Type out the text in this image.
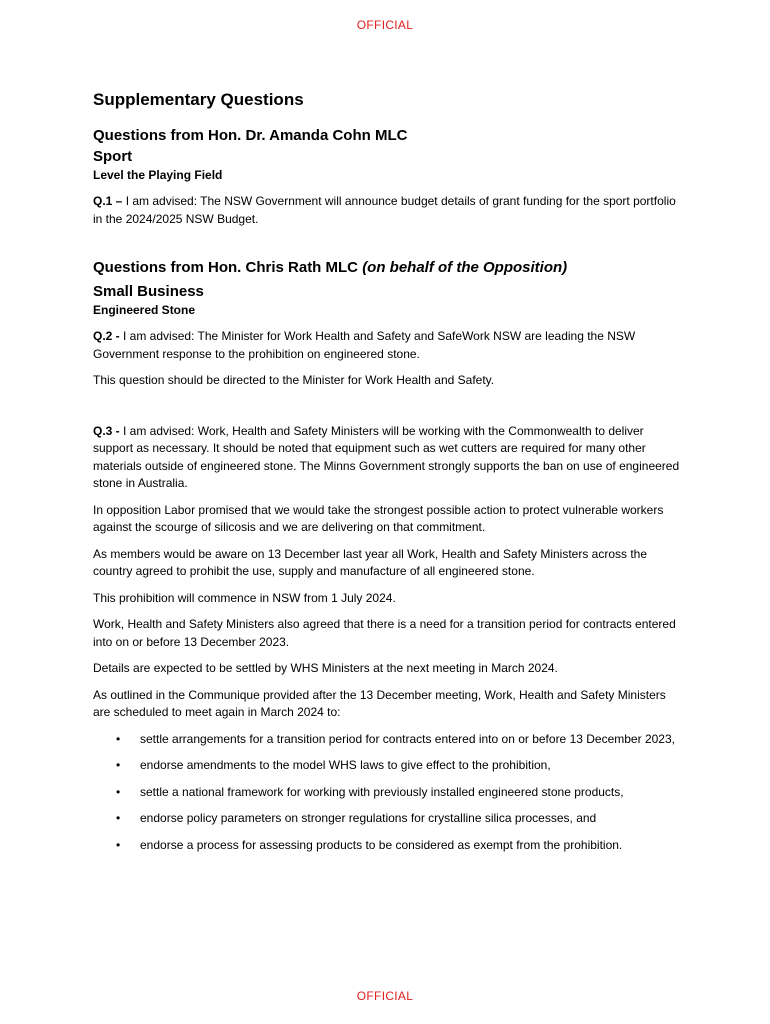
OFFICIAL
Supplementary Questions
Questions from Hon. Dr. Amanda Cohn MLC
Sport
Level the Playing Field

Q.1 – I am advised: The NSW Government will announce budget details of grant funding for the sport portfolio in the 2024/2025 NSW Budget.

Questions from Hon. Chris Rath MLC (on behalf of the Opposition)
Small Business
Engineered Stone

Q.2 - I am advised: The Minister for Work Health and Safety and SafeWork NSW are leading the NSW Government response to the prohibition on engineered stone.

This question should be directed to the Minister for Work Health and Safety.

Q.3 - I am advised: Work, Health and Safety Ministers will be working with the Commonwealth to deliver support as necessary. It should be noted that equipment such as wet cutters are required for many other materials outside of engineered stone. The Minns Government strongly supports the ban on use of engineered stone in Australia.

In opposition Labor promised that we would take the strongest possible action to protect vulnerable workers against the scourge of silicosis and we are delivering on that commitment.

As members would be aware on 13 December last year all Work, Health and Safety Ministers across the country agreed to prohibit the use, supply and manufacture of all engineered stone.

This prohibition will commence in NSW from 1 July 2024.

Work, Health and Safety Ministers also agreed that there is a need for a transition period for contracts entered into on or before 13 December 2023.

Details are expected to be settled by WHS Ministers at the next meeting in March 2024.

As outlined in the Communique provided after the 13 December meeting, Work, Health and Safety Ministers are scheduled to meet again in March 2024 to:

• settle arrangements for a transition period for contracts entered into on or before 13 December 2023,
• endorse amendments to the model WHS laws to give effect to the prohibition,
• settle a national framework for working with previously installed engineered stone products,
• endorse policy parameters on stronger regulations for crystalline silica processes, and
• endorse a process for assessing products to be considered as exempt from the prohibition.
OFFICIAL
